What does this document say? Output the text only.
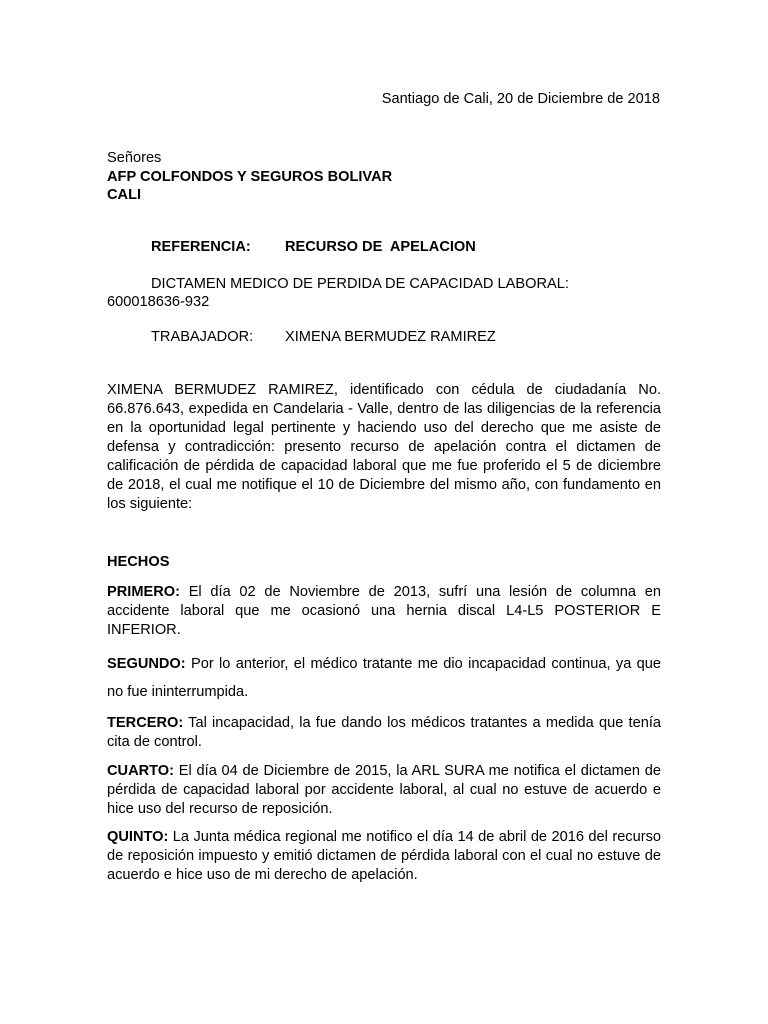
Santiago de Cali, 20 de Diciembre de 2018

Señores

AFP COLFONDOS Y SEGUROS BOLIVAR
CALI

REFERENCIA: RECURSO DE  APELACION

DICTAMEN MEDICO DE PERDIDA DE CAPACIDAD LABORAL:
600018636-932

TRABAJADOR: XIMENA BERMUDEZ RAMIREZ

XIMENA BERMUDEZ RAMIREZ, identificado con cédula de ciudadanía No. 66.876.643, expedida en Candelaria - Valle, dentro de las diligencias de la referencia en la oportunidad legal pertinente y haciendo uso del derecho que me asiste de defensa y contradicción: presento recurso de apelación contra el dictamen de calificación de pérdida de capacidad laboral que me fue proferido el 5 de diciembre de 2018, el cual me notifique el 10 de Diciembre del mismo año, con fundamento en los siguiente:

HECHOS

PRIMERO: El día 02 de Noviembre de 2013, sufrí una lesión de columna en accidente laboral que me ocasionó una hernia discal L4-L5 POSTERIOR E INFERIOR.

SEGUNDO: Por lo anterior, el médico tratante me dio incapacidad continua, ya que no fue ininterrumpida.

TERCERO: Tal incapacidad, la fue dando los médicos tratantes a medida que tenía cita de control.

CUARTO: El día 04 de Diciembre de 2015, la ARL SURA me notifica el dictamen de pérdida de capacidad laboral por accidente laboral, al cual no estuve de acuerdo e hice uso del recurso de reposición.

QUINTO: La Junta médica regional me notifico el día 14 de abril de 2016 del recurso de reposición impuesto y emitió dictamen de pérdida laboral con el cual no estuve de acuerdo e hice uso de mi derecho de apelación.
